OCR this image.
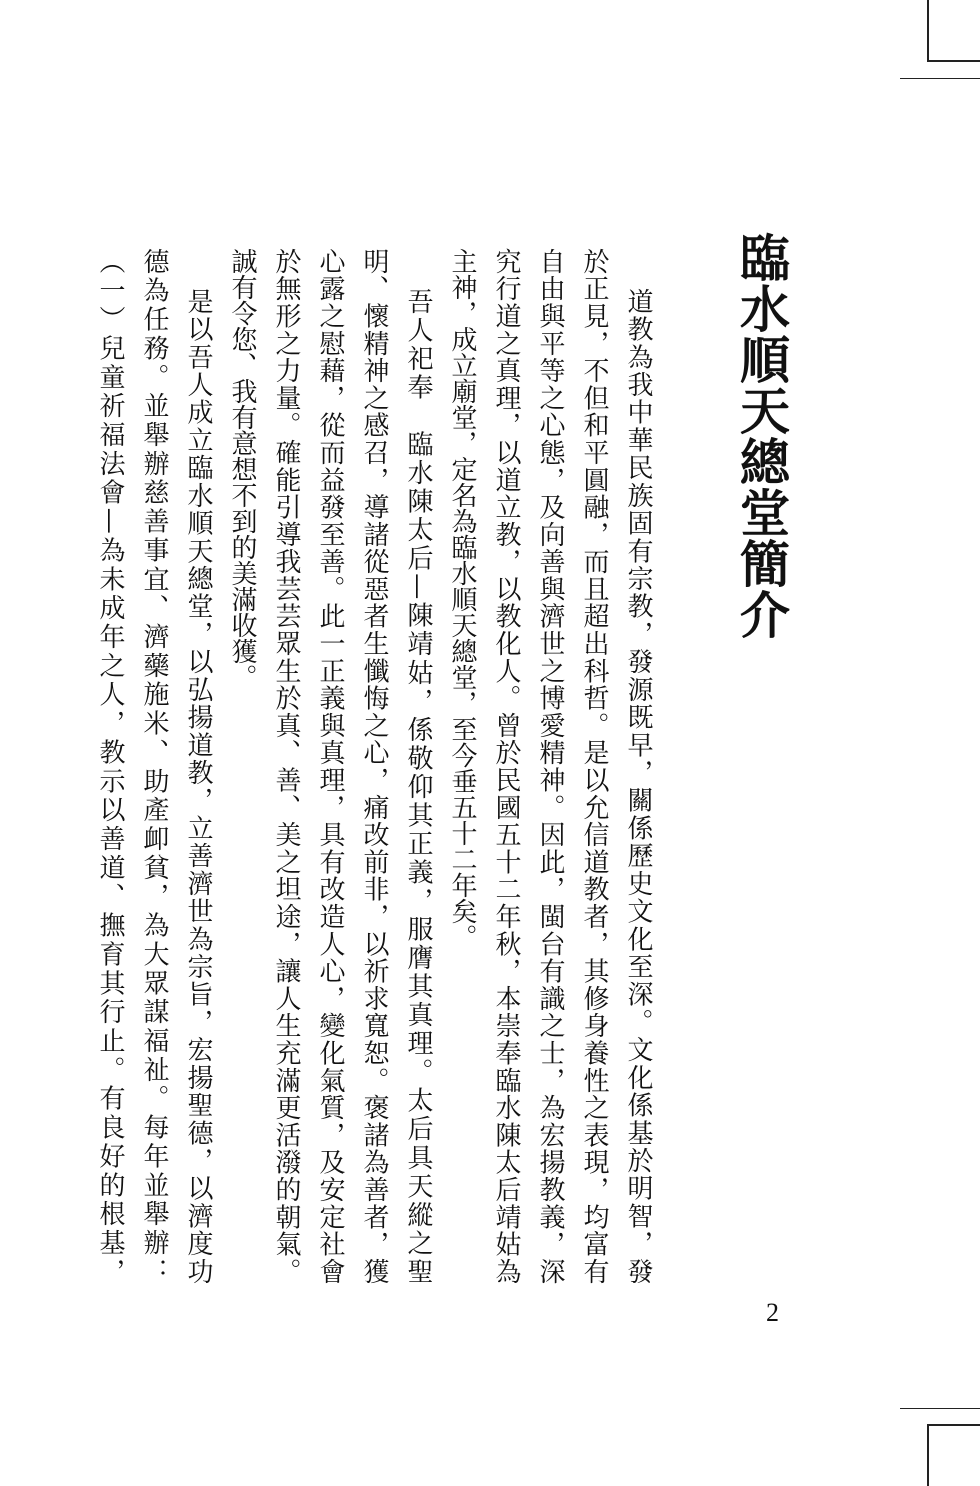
臨水順天總堂簡介
道教為我中華民族固有宗教，發源既早，關係歷史文化至深。文化係基於明智，發
於正見，不但和平圓融，而且超出科哲。是以允信道教者，其修身養性之表現，均富有
自由與平等之心態，及向善與濟世之博愛精神。因此，閩台有識之士，為宏揚教義，深
究行道之真理，以道立教，以教化人。曾於民國五十二年秋，本崇奉臨水陳太后靖姑為
主神，成立廟堂，定名為臨水順天總堂，至今垂五十二年矣。
吾人祀奉　臨水陳太后—陳靖姑，係敬仰其正義，服膺其真理。太后具天縱之聖
明、懷精神之感召，導諸從惡者生懺悔之心，痛改前非，以祈求寬恕。褒諸為善者，獲
心露之慰藉，從而益發至善。此一正義與真理，具有改造人心，變化氣質，及安定社會
於無形之力量。確能引導我芸芸眾生於真、善、美之坦途，讓人生充滿更活潑的朝氣。
誠有令您、我有意想不到的美滿收獲。
是以吾人成立臨水順天總堂，以弘揚道教，立善濟世為宗旨，宏揚聖德，以濟度功
德為任務。並舉辦慈善事宜、濟藥施米、助產卹貧，為大眾謀福祉。每年並舉辦：
（一）兒童祈福法會—為未成年之人，教示以善道、撫育其行止。有良好的根基，
2
